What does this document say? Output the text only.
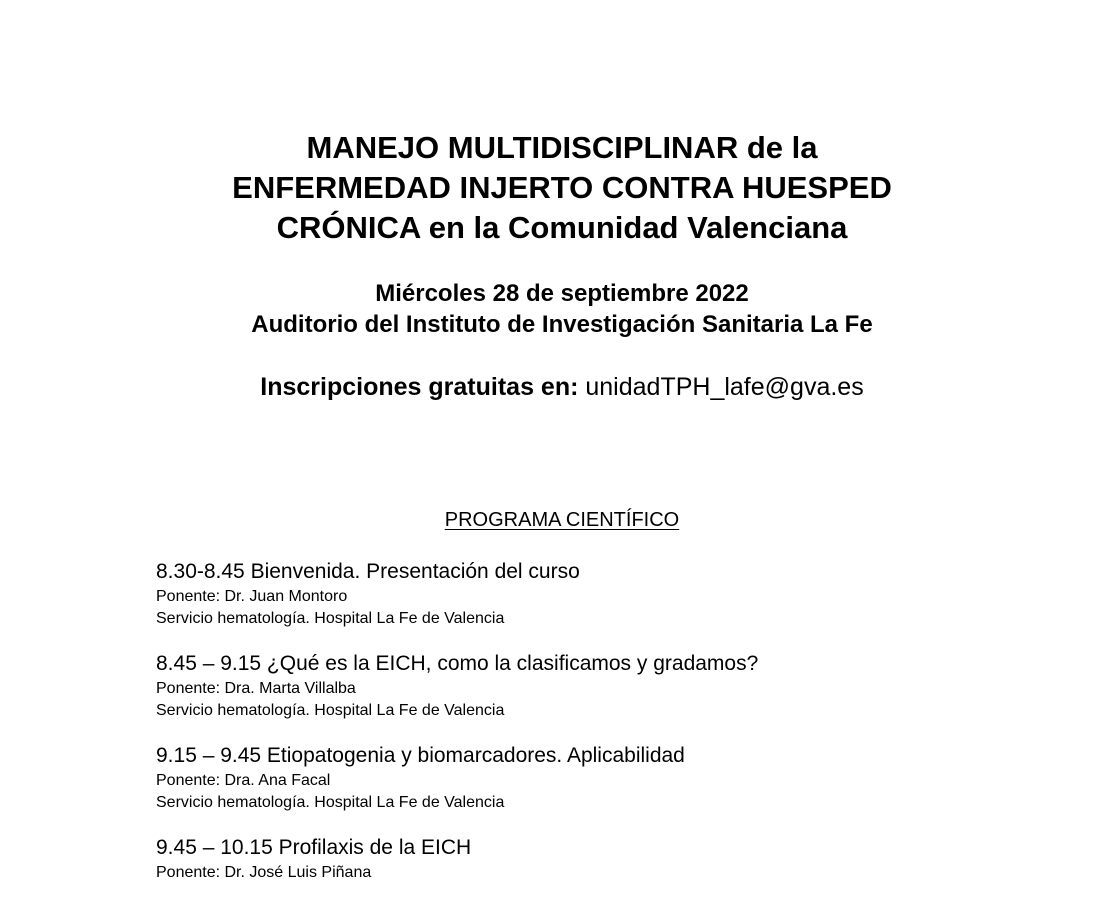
MANEJO MULTIDISCIPLINAR de la
ENFERMEDAD INJERTO CONTRA HUESPED
CRÓNICA en la Comunidad Valenciana
Miércoles 28 de septiembre 2022
Auditorio del Instituto de Investigación Sanitaria La Fe
Inscripciones gratuitas en: unidadTPH_lafe@gva.es
PROGRAMA CIENTÍFICO
8.30-8.45 Bienvenida. Presentación del curso
Ponente: Dr. Juan Montoro
Servicio hematología. Hospital La Fe de Valencia
8.45 – 9.15 ¿Qué es la EICH, como la clasificamos y gradamos?
Ponente: Dra. Marta Villalba
Servicio hematología. Hospital La Fe de Valencia
9.15 – 9.45 Etiopatogenia y biomarcadores. Aplicabilidad
Ponente: Dra. Ana Facal
Servicio hematología. Hospital La Fe de Valencia
9.45 – 10.15 Profilaxis de la EICH
Ponente: Dr. José Luis Piñana
